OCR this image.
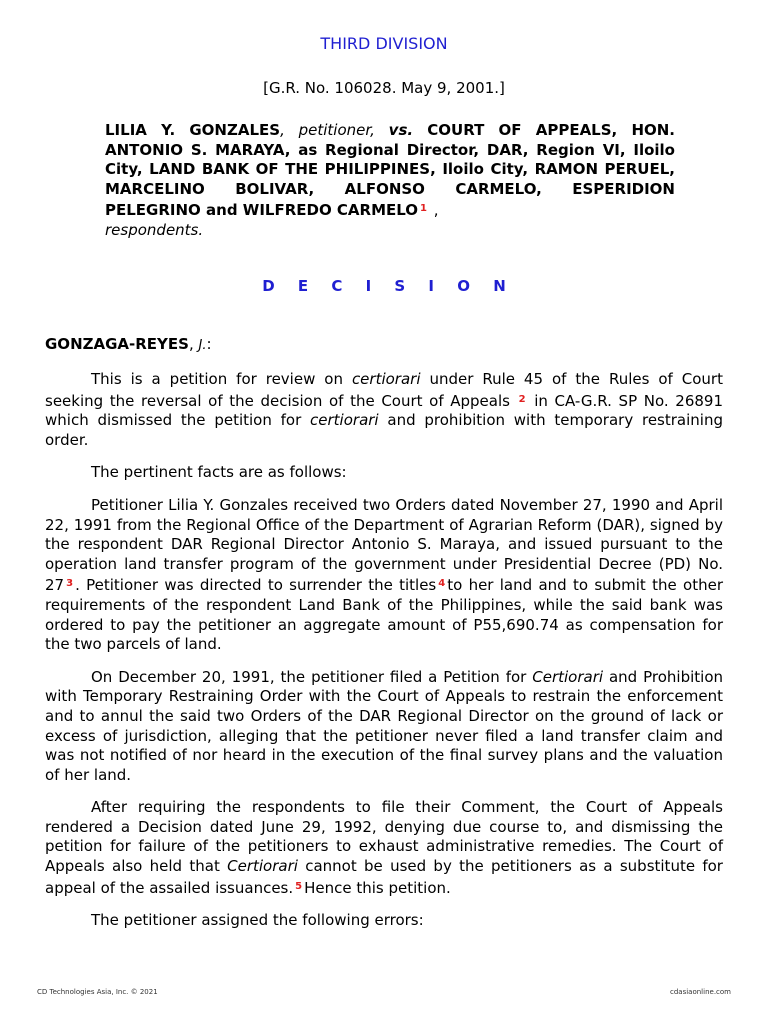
THIRD DIVISION
[G.R. No. 106028. May 9, 2001.]
LILIA Y. GONZALES, petitioner, vs. COURT OF APPEALS, HON. ANTONIO S. MARAYA, as Regional Director, DAR, Region VI, Iloilo City, LAND BANK OF THE PHILIPPINES, Iloilo City, RAMON PERUEL, MARCELINO BOLIVAR, ALFONSO CARMELO, ESPERIDION PELEGRINO and WILFREDO CARMELO $^1$ ,
respondents.
D E C I S I O N
GONZAGA-REYES, J.:

This is a petition for review on certiorari under Rule 45 of the Rules of Court seeking the reversal of the decision of the Court of Appeals $^2$ in CA-G.R. SP No. 26891 which dismissed the petition for certiorari and prohibition with temporary restraining order.

The pertinent facts are as follows:

Petitioner Lilia Y. Gonzales received two Orders dated November 27, 1990 and April 22, 1991 from the Regional Office of the Department of Agrarian Reform (DAR), signed by the respondent DAR Regional Director Antonio S. Maraya, and issued pursuant to the operation land transfer program of the government under Presidential Decree (PD) No. 27 $^3$ . Petitioner was directed to surrender the titles $^4$ to her land and to submit the other requirements of the respondent Land Bank of the Philippines, while the said bank was ordered to pay the petitioner an aggregate amount of P55,690.74 as compensation for the two parcels of land.

On December 20, 1991, the petitioner filed a Petition for Certiorari and Prohibition with Temporary Restraining Order with the Court of Appeals to restrain the enforcement and to annul the said two Orders of the DAR Regional Director on the ground of lack or excess of jurisdiction, alleging that the petitioner never filed a land transfer claim and was not notified of nor heard in the execution of the final survey plans and the valuation of her land.

After requiring the respondents to file their Comment, the Court of Appeals rendered a Decision dated June 29, 1992, denying due course to, and dismissing the petition for failure of the petitioners to exhaust administrative remedies. The Court of Appeals also held that Certiorari cannot be used by the petitioners as a substitute for appeal of the assailed issuances. $^5$ Hence this petition.

The petitioner assigned the following errors:

CD Technologies Asia, Inc. © 2021	cdasiaonline.com
